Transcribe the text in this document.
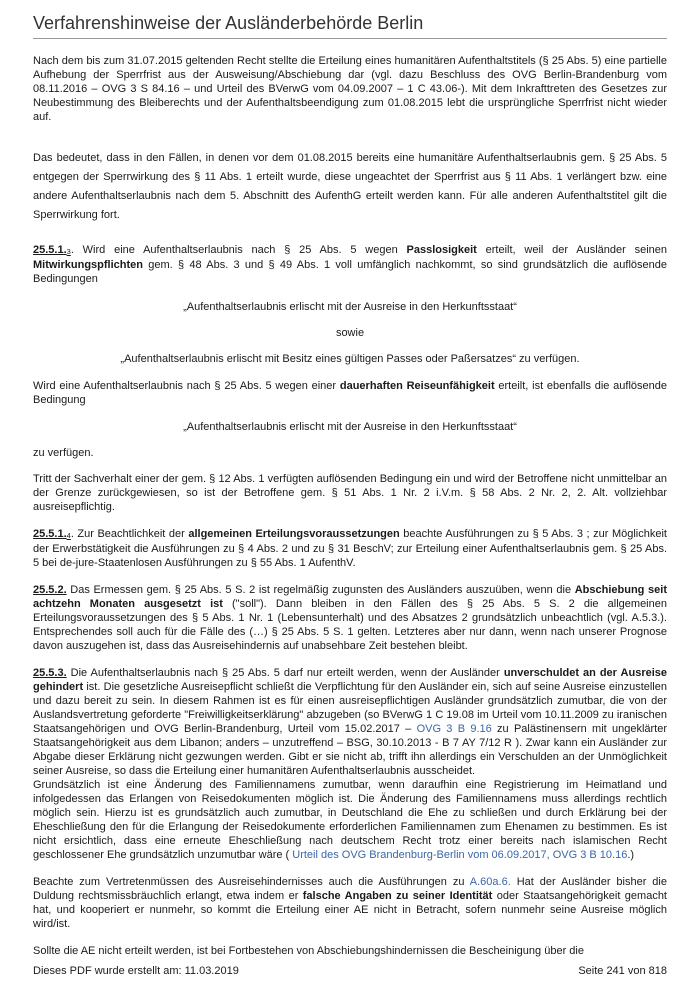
Verfahrenshinweise der Ausländerbehörde Berlin

Nach dem bis zum 31.07.2015 geltenden Recht stellte die Erteilung eines humanitären Aufenthaltstitels (§ 25 Abs. 5) eine partielle Aufhebung der Sperrfrist aus der Ausweisung/Abschiebung dar (vgl. dazu Beschluss des OVG Berlin-Brandenburg vom 08.11.2016 – OVG 3 S 84.16 – und Urteil des BVerwG vom 04.09.2007 – 1 C 43.06-). Mit dem Inkrafttreten des Gesetzes zur Neubestimmung des Bleiberechts und der Aufenthaltsbeendigung zum 01.08.2015 lebt die ursprüngliche Sperrfrist nicht wieder auf.

Das bedeutet, dass in den Fällen, in denen vor dem 01.08.2015 bereits eine humanitäre Aufenthaltserlaubnis gem. § 25 Abs. 5 entgegen der Sperrwirkung des § 11 Abs. 1 erteilt wurde, diese ungeachtet der Sperrfrist aus § 11 Abs. 1 verlängert bzw. eine andere Aufenthaltserlaubnis nach dem 5. Abschnitt des AufenthG erteilt werden kann. Für alle anderen Aufenthaltstitel gilt die Sperrwirkung fort.

25.5.1.3. Wird eine Aufenthaltserlaubnis nach § 25 Abs. 5 wegen Passlosigkeit erteilt, weil der Ausländer seinen Mitwirkungspflichten gem. § 48 Abs. 3 und § 49 Abs. 1 voll umfänglich nachkommt, so sind grundsätzlich die auflösende Bedingungen

„Aufenthaltserlaubnis erlischt mit der Ausreise in den Herkunftsstaat“

sowie

„Aufenthaltserlaubnis erlischt mit Besitz eines gültigen Passes oder Paßersatzes“ zu verfügen.

Wird eine Aufenthaltserlaubnis nach § 25 Abs. 5 wegen einer dauerhaften Reiseunfähigkeit erteilt, ist ebenfalls die auflösende Bedingung

„Aufenthaltserlaubnis erlischt mit der Ausreise in den Herkunftsstaat“

zu verfügen.

Tritt der Sachverhalt einer der gem. § 12 Abs. 1 verfügten auflösenden Bedingung ein und wird der Betroffene nicht unmittelbar an der Grenze zurückgewiesen, so ist der Betroffene gem. § 51 Abs. 1 Nr. 2 i.V.m. § 58 Abs. 2 Nr. 2, 2. Alt. vollziehbar ausreisepflichtig.

25.5.1.4. Zur Beachtlichkeit der allgemeinen Erteilungsvoraussetzungen beachte Ausführungen zu § 5 Abs. 3 ; zur Möglichkeit der Erwerbstätigkeit die Ausführungen zu § 4 Abs. 2 und zu § 31 BeschV; zur Erteilung einer Aufenthaltserlaubnis gem. § 25 Abs. 5 bei de-jure-Staatenlosen Ausführungen zu § 55 Abs. 1 AufenthV.

25.5.2. Das Ermessen gem. § 25 Abs. 5 S. 2 ist regelmäßig zugunsten des Ausländers auszuüben, wenn die Abschiebung seit achtzehn Monaten ausgesetzt ist ("soll"). Dann bleiben in den Fällen des § 25 Abs. 5 S. 2 die allgemeinen Erteilungsvoraussetzungen des § 5 Abs. 1 Nr. 1 (Lebensunterhalt) und des Absatzes 2 grundsätzlich unbeachtlich (vgl. A.5.3.). Entsprechendes soll auch für die Fälle des (…) § 25 Abs. 5 S. 1 gelten. Letzteres aber nur dann, wenn nach unserer Prognose davon auszugehen ist, dass das Ausreisehindernis auf unabsehbare Zeit bestehen bleibt.

25.5.3. Die Aufenthaltserlaubnis nach § 25 Abs. 5 darf nur erteilt werden, wenn der Ausländer unverschuldet an der Ausreise gehindert ist. Die gesetzliche Ausreisepflicht schließt die Verpflichtung für den Ausländer ein, sich auf seine Ausreise einzustellen und dazu bereit zu sein. In diesem Rahmen ist es für einen ausreisepflichtigen Ausländer grundsätzlich zumutbar, die von der Auslandsvertretung geforderte "Freiwilligkeitserklärung" abzugeben (so BVerwG 1 C 19.08 im Urteil vom 10.11.2009 zu iranischen Staatsangehörigen und OVG Berlin-Brandenburg, Urteil vom 15.02.2017 – OVG 3 B 9.16 zu Palästinensern mit ungeklärter Staatsangehörigkeit aus dem Libanon; anders – unzutreffend – BSG, 30.10.2013 - B 7 AY 7/12 R ). Zwar kann ein Ausländer zur Abgabe dieser Erklärung nicht gezwungen werden. Gibt er sie nicht ab, trifft ihn allerdings ein Verschulden an der Unmöglichkeit seiner Ausreise, so dass die Erteilung einer humanitären Aufenthaltserlaubnis ausscheidet.

Grundsätzlich ist eine Änderung des Familiennamens zumutbar, wenn daraufhin eine Registrierung im Heimatland und infolgedessen das Erlangen von Reisedokumenten möglich ist. Die Änderung des Familiennamens muss allerdings rechtlich möglich sein. Hierzu ist es grundsätzlich auch zumutbar, in Deutschland die Ehe zu schließen und durch Erklärung bei der Eheschließung den für die Erlangung der Reisedokumente erforderlichen Familiennamen zum Ehenamen zu bestimmen. Es ist nicht ersichtlich, dass eine erneute Eheschließung nach deutschem Recht trotz einer bereits nach islamischen Recht geschlossener Ehe grundsätzlich unzumutbar wäre ( Urteil des OVG Brandenburg-Berlin vom 06.09.2017, OVG 3 B 10.16.)

Beachte zum Vertretenmüssen des Ausreisehindernisses auch die Ausführungen zu A.60a.6. Hat der Ausländer bisher die Duldung rechtsmissbräuchlich erlangt, etwa indem er falsche Angaben zu seiner Identität oder Staatsangehörigkeit gemacht hat, und kooperiert er nunmehr, so kommt die Erteilung einer AE nicht in Betracht, sofern nunmehr seine Ausreise möglich wird/ist.

Sollte die AE nicht erteilt werden, ist bei Fortbestehen von Abschiebungshindernissen die Bescheinigung über die

Dieses PDF wurde erstellt am: 11.03.2019	Seite 241 von 818
